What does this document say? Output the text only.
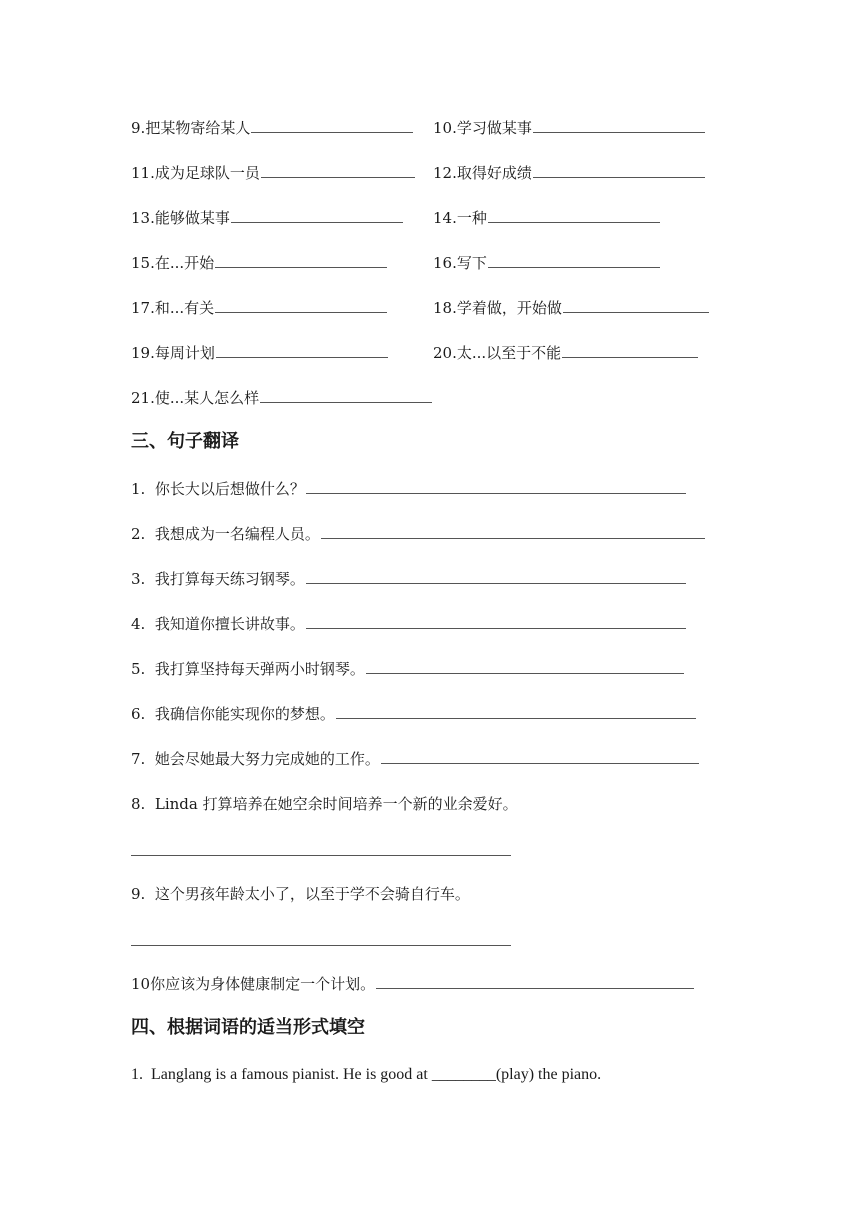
9.把某物寄给某人	10.学习做某事
11.成为足球队一员	12.取得好成绩
13.能够做某事	14.一种
15.在...开始	16.写下
17.和...有关	18.学着做，开始做
19.每周计划	20.太...以至于不能
21.使...某人怎么样
三、句子翻译
1. 你长大以后想做什么？
2. 我想成为一名编程人员。
3. 我打算每天练习钢琴。
4. 我知道你擅长讲故事。
5. 我打算坚持每天弹两小时钢琴。
6. 我确信你能实现你的梦想。
7. 她会尽她最大努力完成她的工作。
8. Linda 打算培养在她空余时间培养一个新的业余爱好。
9. 这个男孩年龄太小了，以至于学不会骑自行车。
10你应该为身体健康制定一个计划。
四、根据词语的适当形式填空
1. Langlang is a famous pianist. He is good at ________(play) the piano.
